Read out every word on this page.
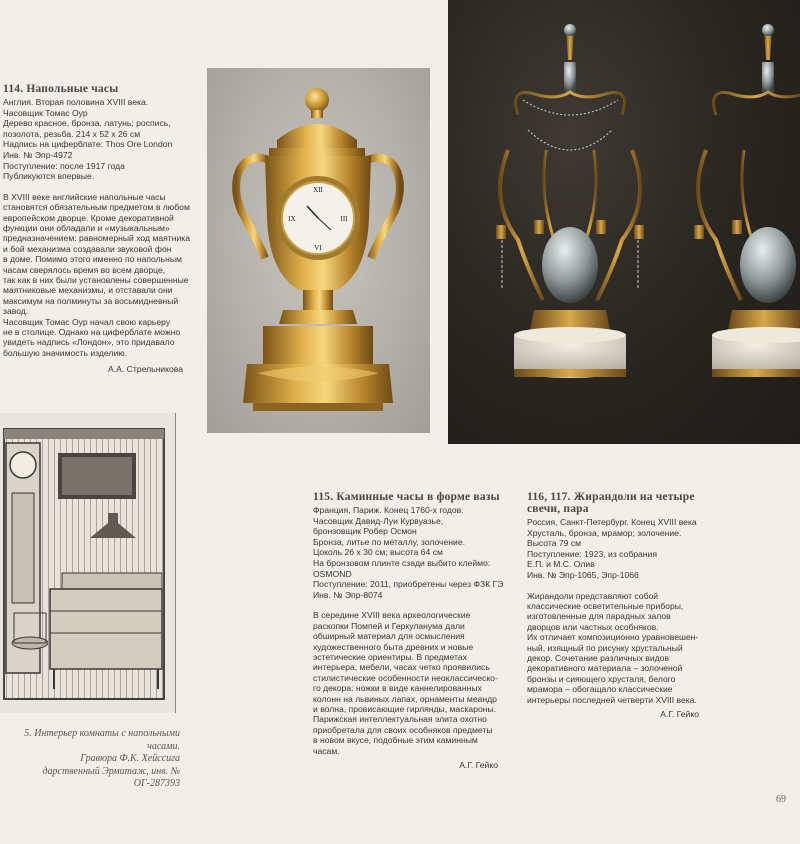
114. Напольные часы

Англия. Вторая половина XVIII века.

Часовщик Томас Оур

Дерево красное, бронза, латунь; роспись,

позолота, резьба. 214 х 52 х 26 см

Надпись на циферблате: Thos Ore London

Инв. № Эпр-4972

Поступление: после 1917 года

Публикуются впервые.

В XVIII веке английские напольные часы

становятся обязательным предметом в любом

европейском дворце. Кроме декоративной

функции они обладали и «музыкальным»

предназначением: равномерный ход маятника

и бой механизма создавали звуковой фон

в доме. Помимо этого именно по напольным

часам сверялось время во всем дворце,

так как в них были установлены совершенные

маятниковые механизмы, и отставали они

максимум на полминуты за восьмидневный

завод.

Часовщик Томас Оур начал свою карьеру

не в столице. Однако на циферблате можно

увидеть надпись «Лондон», это придавало

большую значимость изделию.

А.А. Стрельникова
XII
III
VI
IX
5. Интерьер комнаты с напольными часами.
Гравюра Ф.К. Хейссига
дарственный Эрмитаж, инв. № ОГ-287393
115. Каминные часы в форме вазы

Франция, Париж. Конец 1760-х годов.

Часовщик Давид-Луи Курвуазье,

бронзовщик Робер Осмон

Бронза, литье по металлу, золочение.

Цоколь 26 х 30 см; высота 64 см

На бронзовом плинте сзади выбито клеймо:

OSMOND

Поступление: 2011, приобретены через ФЗК ГЭ

Инв. № Эпр-8074

В середине XVIII века археологические

раскопки Помпей и Геркуланума дали

обширный материал для осмысления

художественного быта древних и новые

эстетические ориентиры. В предметах

интерьера, мебели, часах четко проявились

стилистические особенности неоклассическо-

го декора: ножки в виде каннелированных

колонн на львиных лапах, орнаменты меандр

и волна, провисающие гирлянды, маскароны.

Парижская интеллектуальная элита охотно

приобретала для своих особняков предметы

в новом вкусе, подобные этим каминным

часам.

А.Г. Гейко
116, 117. Жирандоли на четыре
свечи, пара

Россия, Санкт-Петербург. Конец XVIII века

Хрусталь, бронза, мрамор; золочение.

Высота 79 см

Поступление: 1923, из собрания

Е.П. и М.С. Олив

Инв. № Эпр-1065, Эпр-1066

Жирандоли представляют собой

классические осветительные приборы,

изготовленные для парадных залов

дворцов или частных особняков.

Их отличает композиционно уравновешен-

ный, изящный по рисунку хрустальный

декор. Сочетание различных видов

декоративного материала – золоченой

бронзы и сияющего хрусталя, белого

мрамора – обогащало классические

интерьеры последней четверти XVIII века.

А.Г. Гейко
69
